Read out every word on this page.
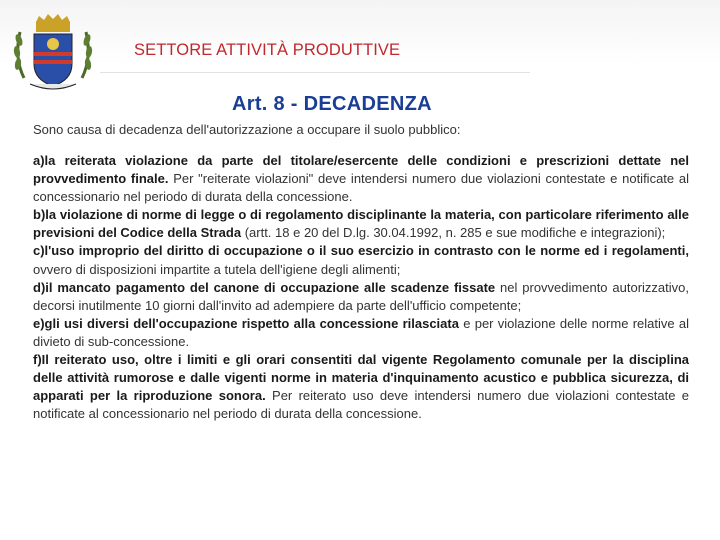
SETTORE ATTIVITÀ PRODUTTIVE
Art. 8 - DECADENZA
Sono causa di decadenza dell'autorizzazione a occupare il suolo pubblico:

a)la reiterata violazione da parte del titolare/esercente delle condizioni e prescrizioni dettate nel provvedimento finale. Per "reiterate violazioni" deve intendersi numero due violazioni contestate e notificate al concessionario nel periodo di durata della concessione.

b)la violazione di norme di legge o di regolamento disciplinante la materia, con particolare riferimento alle previsioni del Codice della Strada (artt. 18 e 20 del D.lg. 30.04.1992, n. 285 e sue modifiche e integrazioni);

c)l'uso improprio del diritto di occupazione o il suo esercizio in contrasto con le norme ed i regolamenti, ovvero di disposizioni impartite a tutela dell'igiene degli alimenti;

d)il mancato pagamento del canone di occupazione alle scadenze fissate nel provvedimento autorizzativo, decorsi inutilmente 10 giorni dall'invito ad adempiere da parte dell'ufficio competente;

e)gli usi diversi dell'occupazione rispetto alla concessione rilasciata e per violazione delle norme relative al divieto di sub-concessione.

f)Il reiterato uso, oltre i limiti e gli orari consentiti dal vigente Regolamento comunale per la disciplina delle attività rumorose e dalle vigenti norme in materia d'inquinamento acustico e pubblica sicurezza, di apparati per la riproduzione sonora. Per reiterato uso deve intendersi numero due violazioni contestate e notificate al concessionario nel periodo di durata della concessione.
